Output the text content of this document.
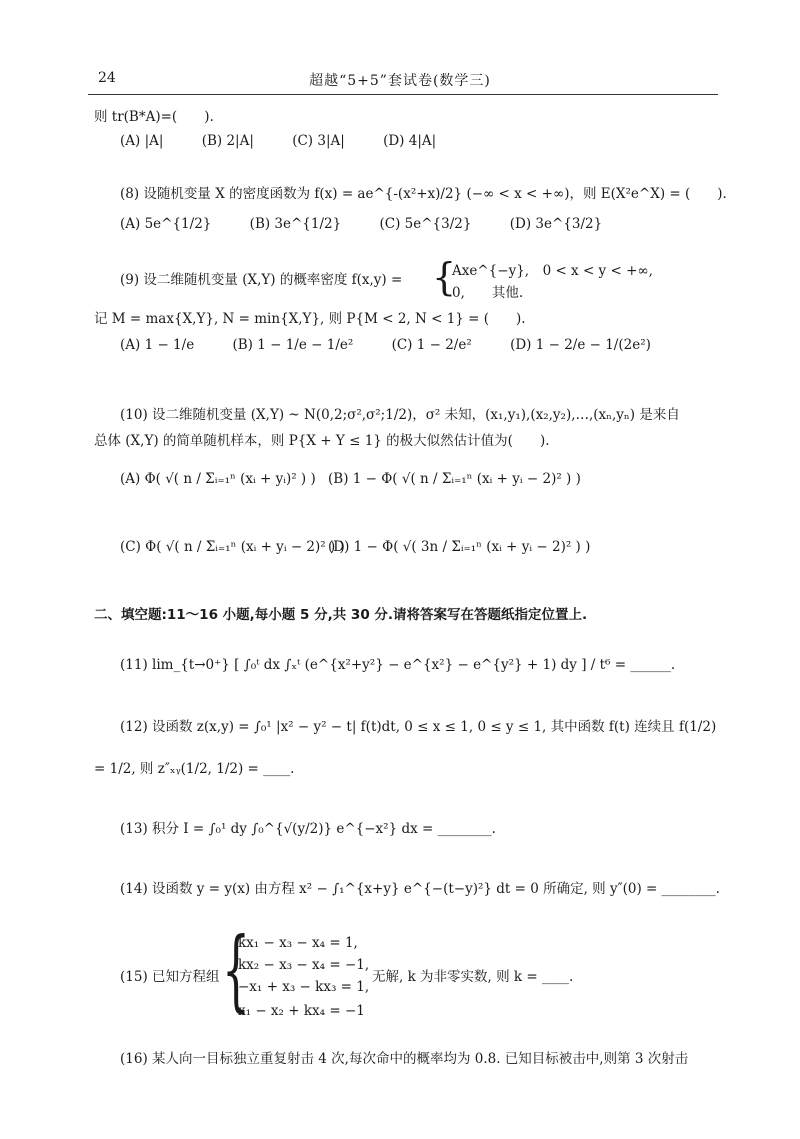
24	超越“5+5”套试卷(数学三)
则 tr(B*A)=(　　).
(A) |A|	(B) 2|A|	(C) 3|A|	(D) 4|A|
(8) 设随机变量 X 的密度函数为 f(x) = ae^{-(x²+x)/2} (−∞ < x < +∞)，则 E(X²e^X) = (　　).
(A) 5e^{1/2}	(B) 3e^{1/2}	(C) 5e^{3/2}	(D) 3e^{3/2}
(9) 设二维随机变量 (X,Y) 的概率密度 f(x,y) = {
Axe^{−y},　0 < x < y < +∞,
0,　　其他.
记 M = max{X,Y}, N = min{X,Y}, 则 P{M < 2, N < 1} = (　　).
(A) 1 − 1/e	(B) 1 − 1/e − 1/e²	(C) 1 − 2/e²	(D) 1 − 2/e − 1/(2e²)
(10) 设二维随机变量 (X,Y) ~ N(0,2;σ²,σ²;1/2)，σ² 未知，(x₁,y₁),(x₂,y₂),…,(xₙ,yₙ) 是来自
总体 (X,Y) 的简单随机样本，则 P{X + Y ≤ 1} 的极大似然估计值为(　　).
(A) Φ( √( n / Σᵢ₌₁ⁿ (xᵢ + yᵢ)² ) ) (B) 1 − Φ( √( n / Σᵢ₌₁ⁿ (xᵢ + yᵢ − 2)² ) )
(C) Φ( √( n / Σᵢ₌₁ⁿ (xᵢ + yᵢ − 2)² ) )
(D) 1 − Φ( √( 3n / Σᵢ₌₁ⁿ (xᵢ + yᵢ − 2)² ) )
二、填空题:11～16 小题,每小题 5 分,共 30 分.请将答案写在答题纸指定位置上.
(11) lim_{t→0⁺} [ ∫₀ᵗ dx ∫ₓᵗ (e^{x²+y²} − e^{x²} − e^{y²} + 1) dy ] / t⁶ = ______.
(12) 设函数 z(x,y) = ∫₀¹ |x² − y² − t| f(t)dt, 0 ≤ x ≤ 1, 0 ≤ y ≤ 1, 其中函数 f(t) 连续且 f(1/2)
= 1/2, 则 z″ₓᵧ(1/2, 1/2) = ____.
(13) 积分 I = ∫₀¹ dy ∫₀^{√(y/2)} e^{−x²} dx = ________.
(14) 设函数 y = y(x) 由方程 x² − ∫₁^{x+y} e^{−(t−y)²} dt = 0 所确定, 则 y″(0) = ________.
(15) 已知方程组 {
kx₁ − x₃ − x₄ = 1,
kx₂ − x₃ − x₄ = −1,
−x₁ + x₃ − kx₃ = 1,
x₁ − x₂ + kx₄ = −1
无解, k 为非零实数, 则 k = ____.
(16) 某人向一目标独立重复射击 4 次,每次命中的概率均为 0.8. 已知目标被击中,则第 3 次射击
